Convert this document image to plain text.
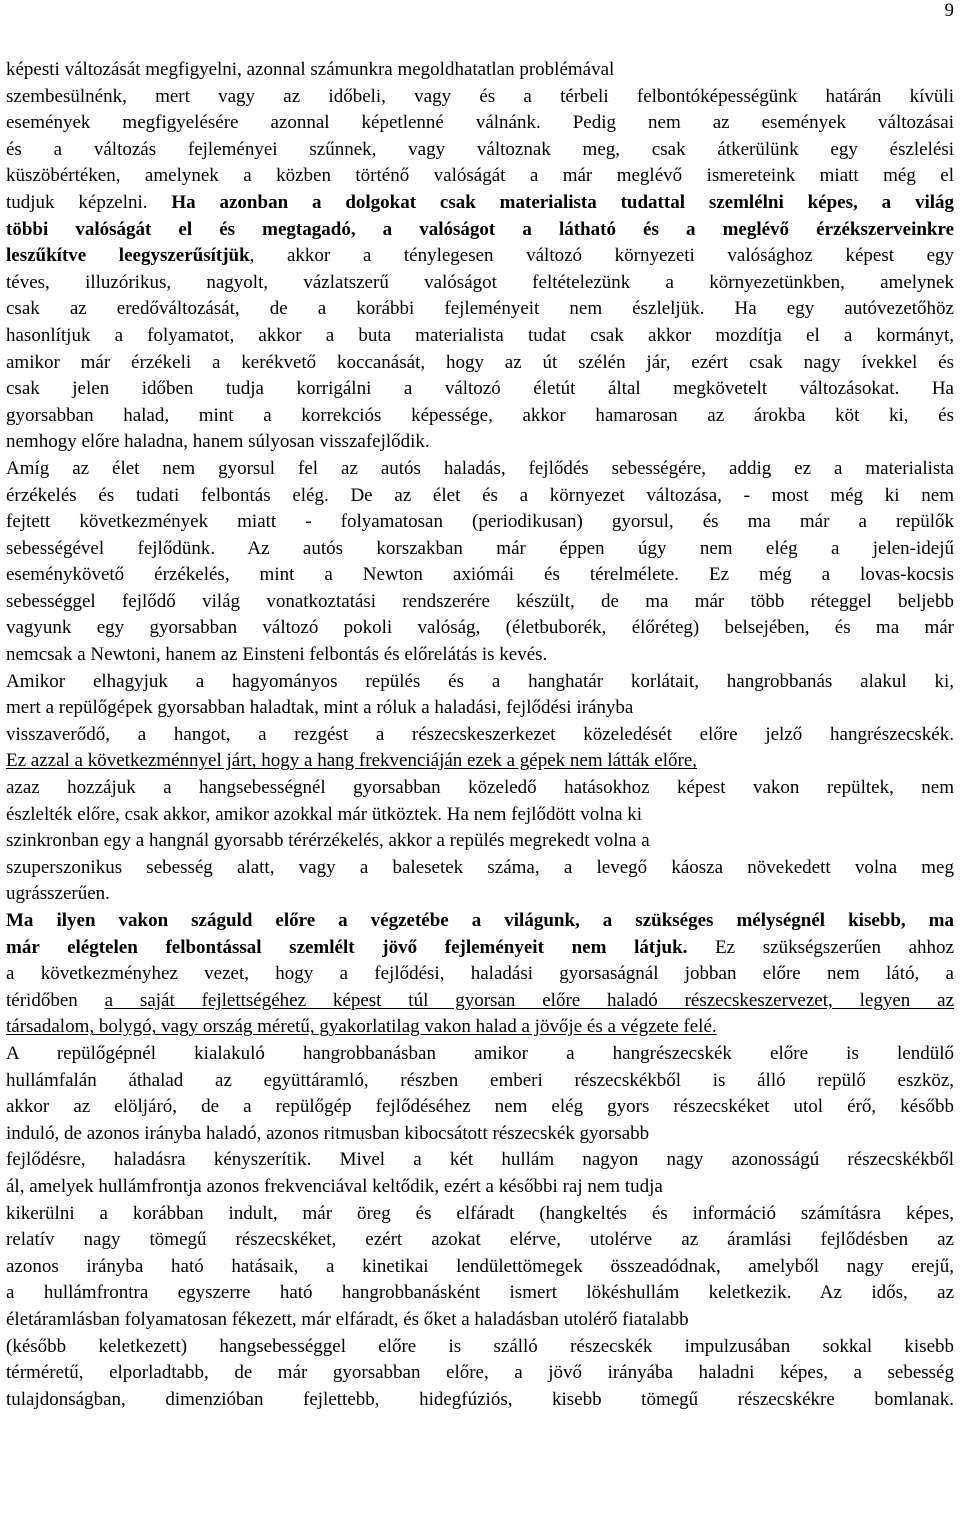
9
képesti változását megfigyelni, azonnal számunkra megoldhatatlan problémával
szembesülnénk, mert vagy az időbeli, vagy és a térbeli felbontóképességünk határán kívüli
események megfigyelésére azonnal képetlenné válnánk. Pedig nem az események változásai
és a változás fejleményei szűnnek, vagy változnak meg, csak átkerülünk egy észlelési
küszöbértéken, amelynek a közben történő valóságát a már meglévő ismereteink miatt még el
tudjuk képzelni. Ha azonban a dolgokat csak materialista tudattal szemlélni képes, a világ
többi valóságát el és megtagadó, a valóságot a látható és a meglévő érzékszerveinkre
leszűkítve leegyszerűsítjük, akkor a ténylegesen változó környezeti valósághoz képest egy
téves, illuzórikus, nagyolt, vázlatszerű valóságot feltételezünk a környezetünkben, amelynek
csak az eredőváltozását, de a korábbi fejleményeit nem észleljük. Ha egy autóvezetőhöz
hasonlítjuk a folyamatot, akkor a buta materialista tudat csak akkor mozdítja el a kormányt,
amikor már érzékeli a kerékvető koccanását, hogy az út szélén jár, ezért csak nagy ívekkel és
csak jelen időben tudja korrigálni a változó életút által megkövetelt változásokat. Ha
gyorsabban halad, mint a korrekciós képessége, akkor hamarosan az árokba köt ki, és
nemhogy előre haladna, hanem súlyosan visszafejlődik.
Amíg az élet nem gyorsul fel az autós haladás, fejlődés sebességére, addig ez a materialista
érzékelés és tudati felbontás elég. De az élet és a környezet változása, - most még ki nem
fejtett következmények miatt - folyamatosan (periodikusan) gyorsul, és ma már a repülők
sebességével fejlődünk. Az autós korszakban már éppen úgy nem elég a jelen-idejű
eseménykövető érzékelés, mint a Newton axiómái és térelmélete. Ez még a lovas-kocsis
sebességgel fejlődő világ vonatkoztatási rendszerére készült, de ma már több réteggel beljebb
vagyunk egy gyorsabban változó pokoli valóság, (életbuborék, élőréteg) belsejében, és ma már
nemcsak a Newtoni, hanem az Einsteni felbontás és előrelátás is kevés.
Amikor elhagyjuk a hagyományos repülés és a hanghatár korlátait, hangrobbanás alakul ki,
mert a repülőgépek gyorsabban haladtak, mint a róluk a haladási, fejlődési irányba
visszaverődő, a hangot, a rezgést a részecskeszerkezet közeledését előre jelző hangrészecskék.
Ez azzal a következménnyel járt, hogy a hang frekvenciáján ezek a gépek nem látták előre,
azaz hozzájuk a hangsebességnél gyorsabban közeledő hatásokhoz képest vakon repültek, nem
észlelték előre, csak akkor, amikor azokkal már ütköztek. Ha nem fejlődött volna ki
szinkronban egy a hangnál gyorsabb térérzékelés, akkor a repülés megrekedt volna a
szuperszonikus sebesség alatt, vagy a balesetek száma, a levegő káosza növekedett volna meg
ugrásszerűen.
Ma ilyen vakon száguld előre a végzetébe a világunk, a szükséges mélységnél kisebb, ma
már elégtelen felbontással szemlélt jövő fejleményeit nem látjuk. Ez szükségszerűen ahhoz
a következményhez vezet, hogy a fejlődési, haladási gyorsaságnál jobban előre nem látó, a
téridőben a saját fejlettségéhez képest túl gyorsan előre haladó részecskeszervezet, legyen az
társadalom, bolygó, vagy ország méretű, gyakorlatilag vakon halad a jövője és a végzete felé.
A repülőgépnél kialakuló hangrobbanásban amikor a hangrészecskék előre is lendülő
hullámfalán áthalad az együttáramló, részben emberi részecskékből is álló repülő eszköz,
akkor az elöljáró, de a repülőgép fejlődéséhez nem elég gyors részecskéket utol érő, később
induló, de azonos irányba haladó, azonos ritmusban kibocsátott részecskék gyorsabb
fejlődésre, haladásra kényszerítik. Mivel a két hullám nagyon nagy azonosságú részecskékből
ál, amelyek hullámfrontja azonos frekvenciával keltődik, ezért a későbbi raj nem tudja
kikerülni a korábban indult, már öreg és elfáradt (hangkeltés és információ számításra képes,
relatív nagy tömegű részecskéket, ezért azokat elérve, utolérve az áramlási fejlődésben az
azonos irányba ható hatásaik, a kinetikai lendülettömegek összeadódnak, amelyből nagy erejű,
a hullámfrontra egyszerre ható hangrobbanásként ismert lökéshullám keletkezik. Az idős, az
életáramlásban folyamatosan fékezett, már elfáradt, és őket a haladásban utolérő fiatalabb
(később keletkezett) hangsebességgel előre is szálló részecskék impulzusában sokkal kisebb
térméretű, elporladtabb, de már gyorsabban előre, a jövő irányába haladni képes, a sebesség
tulajdonságban, dimenzióban fejlettebb, hidegfúziós, kisebb tömegű részecskékre bomlanak.
